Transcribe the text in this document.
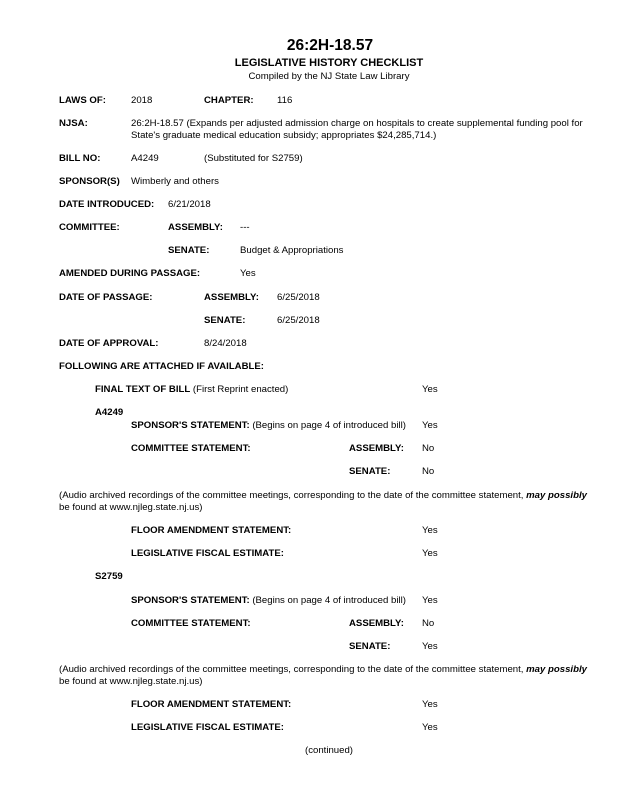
26:2H-18.57
LEGISLATIVE HISTORY CHECKLIST
Compiled by the NJ State Law Library
LAWS OF:	2018	CHAPTER: 116
NJSA:	26:2H-18.57 (Expands per adjusted admission charge on hospitals to create supplemental funding pool for
State's graduate medical education subsidy; appropriates $24,285,714.)
BILL NO:	A4249	(Substituted for S2759)
SPONSOR(S) Wimberly and others
DATE INTRODUCED: 6/21/2018
COMMITTEE:	ASSEMBLY: ---
SENATE:	Budget & Appropriations
AMENDED DURING PASSAGE:	Yes
DATE OF PASSAGE:	ASSEMBLY: 6/25/2018
SENATE:	6/25/2018
DATE OF APPROVAL:	8/24/2018
FOLLOWING ARE ATTACHED IF AVAILABLE:
FINAL TEXT OF BILL (First Reprint enacted)	Yes
A4249
SPONSOR'S STATEMENT: (Begins on page 4 of introduced bill) Yes
COMMITTEE STATEMENT:	ASSEMBLY: No
SENATE:	No
(Audio archived recordings of the committee meetings, corresponding to the date of the committee statement, may possibly
be found at www.njleg.state.nj.us)
FLOOR AMENDMENT STATEMENT:	Yes
LEGISLATIVE FISCAL ESTIMATE:	Yes
S2759
SPONSOR'S STATEMENT: (Begins on page 4 of introduced bill) Yes
COMMITTEE STATEMENT:	ASSEMBLY: No
SENATE:	Yes
(Audio archived recordings of the committee meetings, corresponding to the date of the committee statement, may possibly
be found at www.njleg.state.nj.us)
FLOOR AMENDMENT STATEMENT:	Yes
LEGISLATIVE FISCAL ESTIMATE:	Yes
(continued)
